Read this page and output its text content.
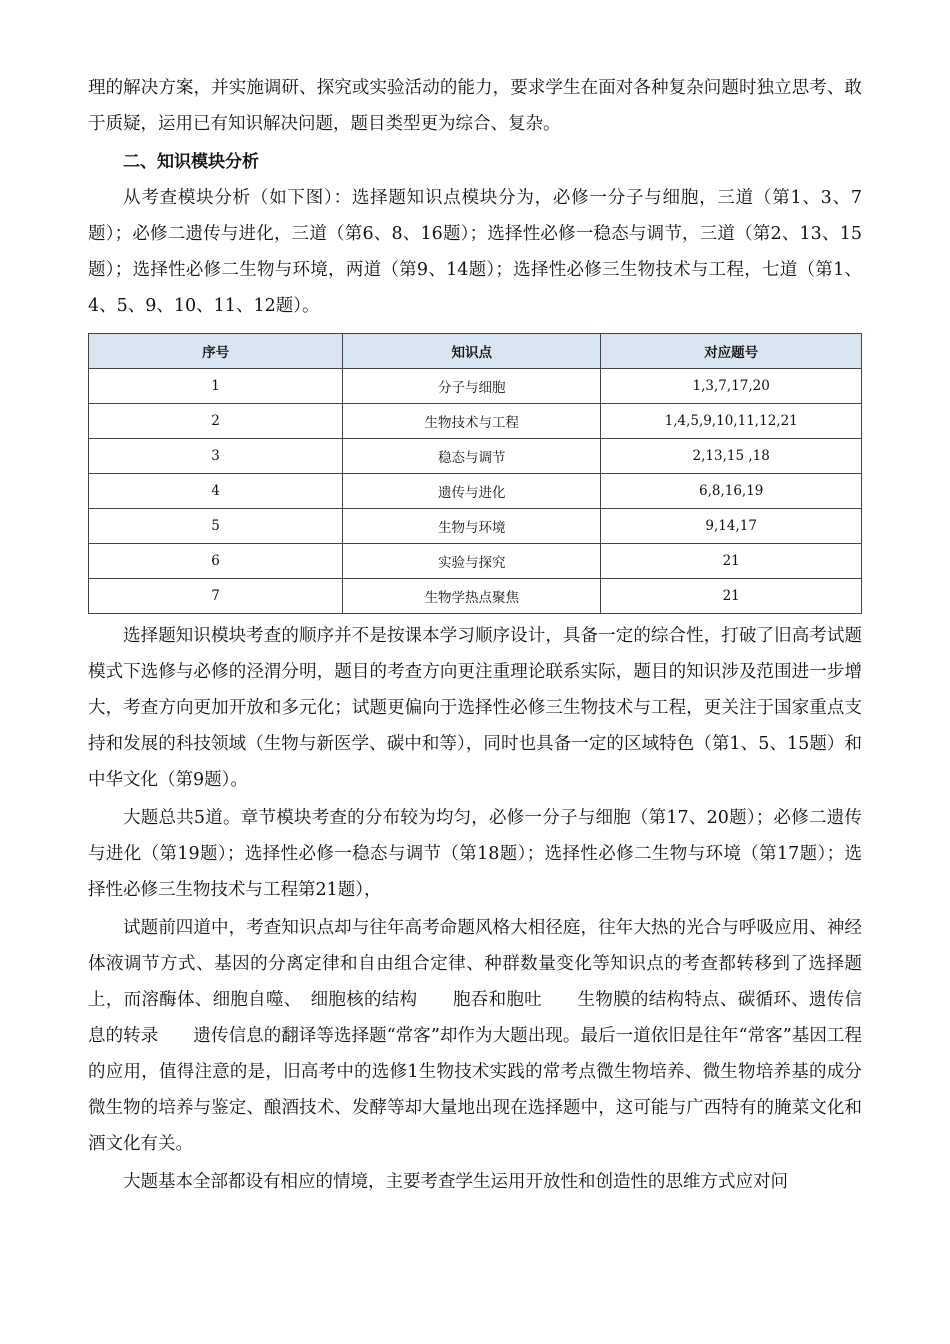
理的解决方案，并实施调研、探究或实验活动的能力，要求学生在面对各种复杂问题时独立思考、敢于质疑，运用已有知识解决问题，题目类型更为综合、复杂。

二、知识模块分析

从考查模块分析（如下图）：选择题知识点模块分为，必修一分子与细胞，三道（第1、3、7题）；必修二遗传与进化，三道（第6、8、16题）；选择性必修一稳态与调节，三道（第2、13、15题）；选择性必修二生物与环境，两道（第9、14题）；选择性必修三生物技术与工程，七道（第1、4、5、9、10、11、12题）。

序号	知识点	对应题号
1	分子与细胞	1,3,7,17,20
2	生物技术与工程	1,4,5,9,10,11,12,21
3	稳态与调节	2,13,15 ,18
4	遗传与进化	6,8,16,19
5	生物与环境	9,14,17
6	实验与探究	21
7	生物学热点聚焦	21

选择题知识模块考查的顺序并不是按课本学习顺序设计，具备一定的综合性，打破了旧高考试题模式下选修与必修的泾渭分明，题目的考查方向更注重理论联系实际，题目的知识涉及范围进一步增大，考查方向更加开放和多元化；试题更偏向于选择性必修三生物技术与工程，更关注于国家重点支持和发展的科技领域（生物与新医学、碳中和等），同时也具备一定的区域特色（第1、5、15题）和中华文化（第9题）。

大题总共5道。章节模块考查的分布较为均匀，必修一分子与细胞（第17、20题）；必修二遗传与进化（第19题）；选择性必修一稳态与调节（第18题）；选择性必修二生物与环境（第17题）；选择性必修三生物技术与工程第21题），

试题前四道中，考查知识点却与往年高考命题风格大相径庭，往年大热的光合与呼吸应用、神经体液调节方式、基因的分离定律和自由组合定律、种群数量变化等知识点的考查都转移到了选择题上，而溶酶体、细胞自噬、　细胞核的结构　　胞吞和胞吐　　生物膜的结构特点、碳循环、遗传信息的转录　　遗传信息的翻译等选择题“常客”却作为大题出现。最后一道依旧是往年“常客”基因工程的应用，值得注意的是，旧高考中的选修1生物技术实践的常考点微生物培养、微生物培养基的成分微生物的培养与鉴定、酿酒技术、发酵等却大量地出现在选择题中，这可能与广西特有的腌菜文化和酒文化有关。

大题基本全部都设有相应的情境，主要考查学生运用开放性和创造性的思维方式应对问
